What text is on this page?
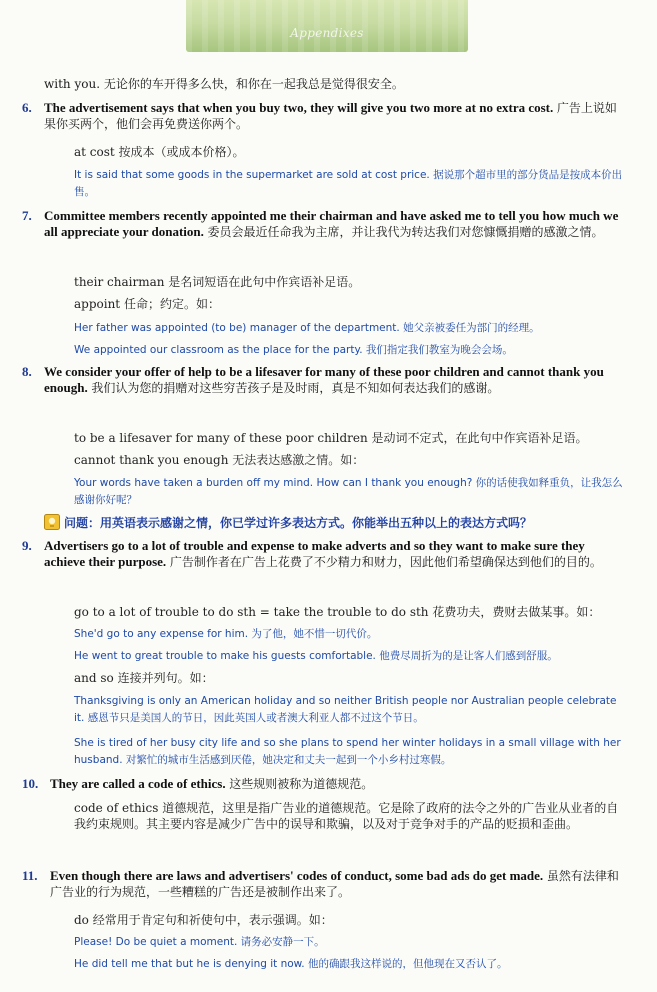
Appendixes
with you. 无论你的车开得多么快，和你在一起我总是觉得很安全。
6. The advertisement says that when you buy two, they will give you two more at no extra cost. 广告上说如果你买两个，他们会再免费送你两个。
at cost 按成本（或成本价格）。
It is said that some goods in the supermarket are sold at cost price. 据说那个超市里的部分货品是按成本价出售。
7. Committee members recently appointed me their chairman and have asked me to tell you how much we all appreciate your donation. 委员会最近任命我为主席，并让我代为转达我们对您慷慨捐赠的感激之情。
their chairman 是名词短语在此句中作宾语补足语。
appoint 任命；约定。如：
Her father was appointed (to be) manager of the department. 她父亲被委任为部门的经理。
We appointed our classroom as the place for the party. 我们指定我们教室为晚会会场。
8. We consider your offer of help to be a lifesaver for many of these poor children and cannot thank you enough. 我们认为您的捐赠对这些穷苦孩子是及时雨，真是不知如何表达我们的感谢。
to be a lifesaver for many of these poor children 是动词不定式，在此句中作宾语补足语。
cannot thank you enough 无法表达感激之情。如：
Your words have taken a burden off my mind. How can I thank you enough? 你的话使我如释重负，让我怎么感谢你好呢？
问题：用英语表示感谢之情，你已学过许多表达方式。你能举出五种以上的表达方式吗？
9. Advertisers go to a lot of trouble and expense to make adverts and so they want to make sure they achieve their purpose. 广告制作者在广告上花费了不少精力和财力，因此他们希望确保达到他们的目的。
go to a lot of trouble to do sth = take the trouble to do sth 花费功夫，费财去做某事。如：
She'd go to any expense for him. 为了他，她不惜一切代价。
He went to great trouble to make his guests comfortable. 他费尽周折为的是让客人们感到舒服。
and so 连接并列句。如：
Thanksgiving is only an American holiday and so neither British people nor Australian people celebrate it. 感恩节只是美国人的节日，因此英国人或者澳大利亚人都不过这个节日。
She is tired of her busy city life and so she plans to spend her winter holidays in a small village with her husband. 对繁忙的城市生活感到厌倦，她决定和丈夫一起到一个小乡村过寒假。
10. They are called a code of ethics. 这些规则被称为道德规范。
code of ethics 道德规范，这里是指广告业的道德规范。它是除了政府的法令之外的广告业从业者的自我约束规则。其主要内容是减少广告中的误导和欺骗，以及对于竞争对手的产品的贬损和歪曲。
11. Even though there are laws and advertisers' codes of conduct, some bad ads do get made. 虽然有法律和广告业的行为规范，一些糟糕的广告还是被制作出来了。
do 经常用于肯定句和祈使句中，表示强调。如：
Please! Do be quiet a moment. 请务必安静一下。
He did tell me that but he is denying it now. 他的确跟我这样说的，但他现在又否认了。
